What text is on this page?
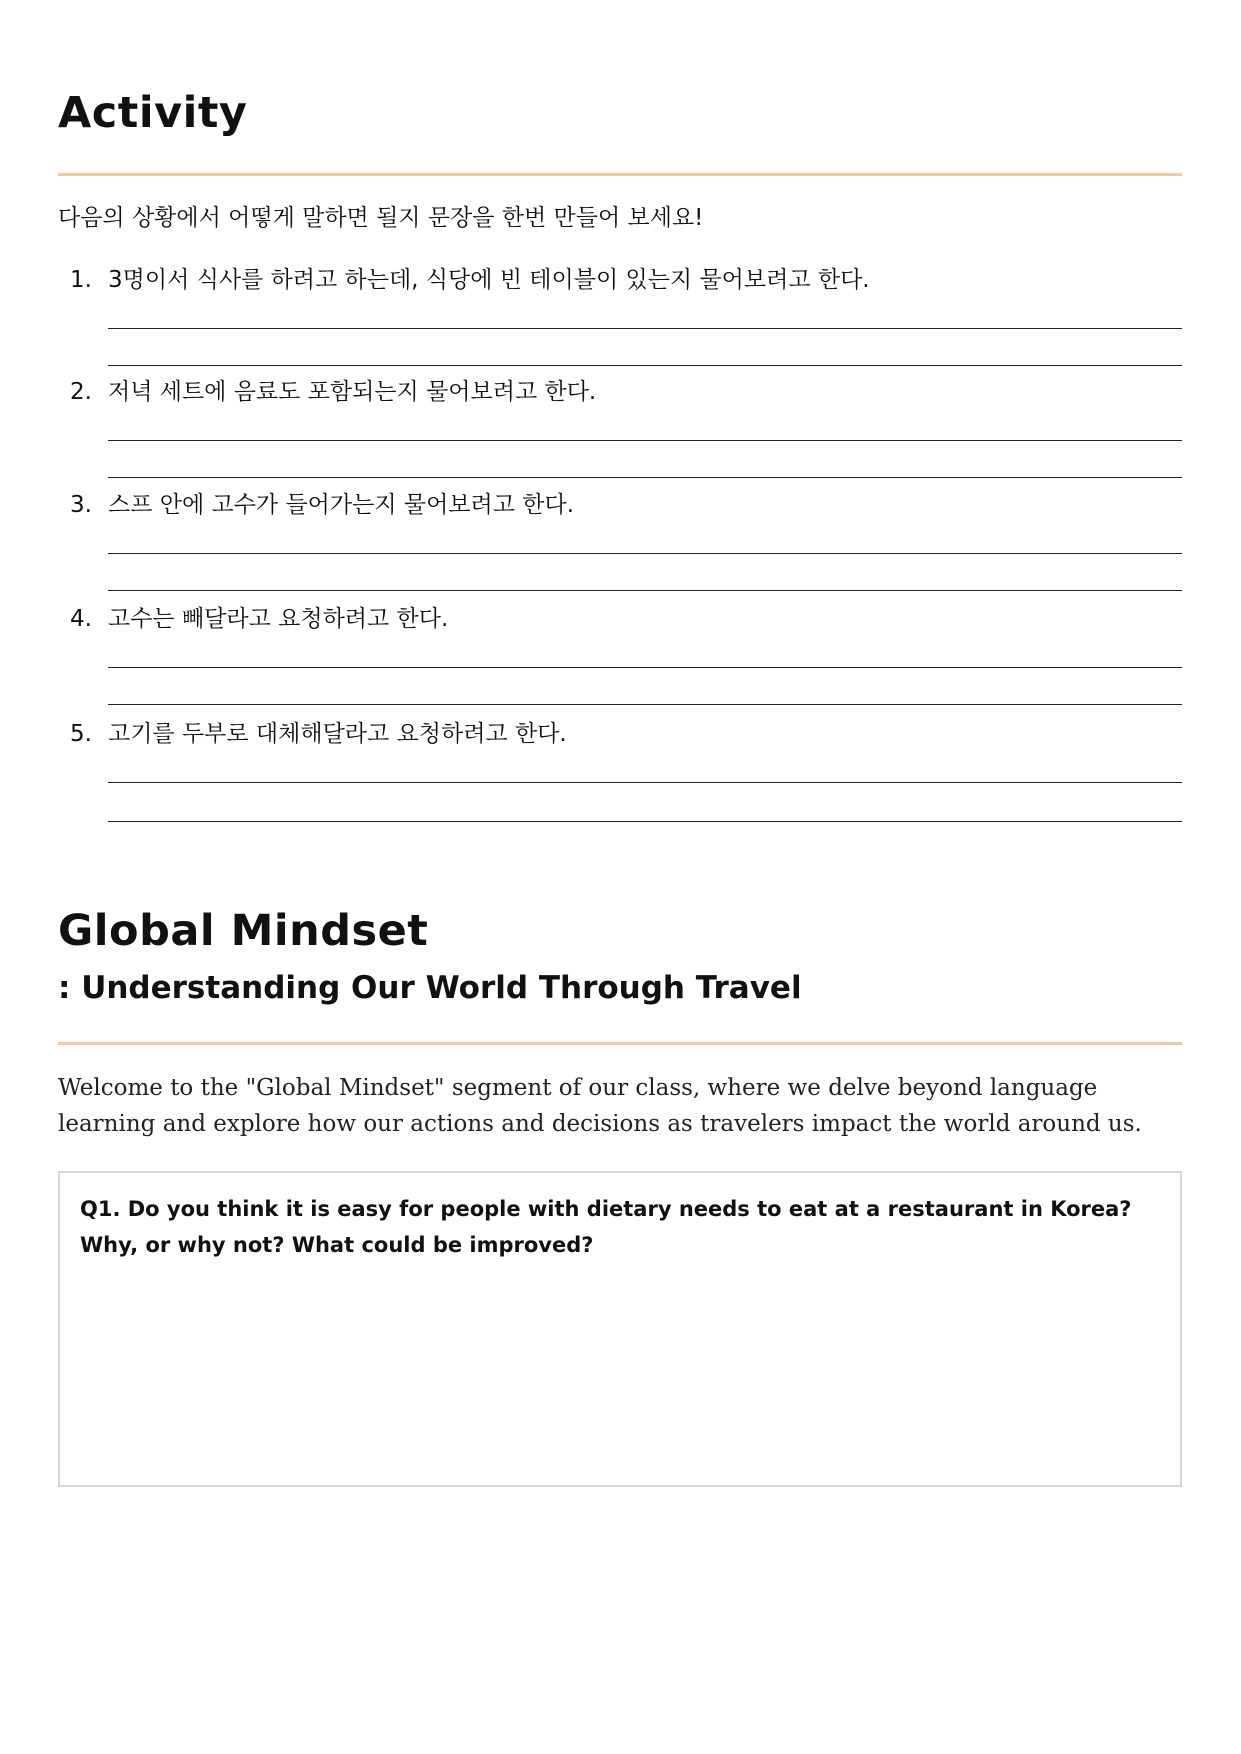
Activity
다음의 상황에서 어떻게 말하면 될지 문장을 한번 만들어 보세요!
1. 3명이서 식사를 하려고 하는데, 식당에 빈 테이블이 있는지 물어보려고 한다.
2. 저녁 세트에 음료도 포함되는지 물어보려고 한다.
3. 스프 안에 고수가 들어가는지 물어보려고 한다.
4. 고수는 빼달라고 요청하려고 한다.
5. 고기를 두부로 대체해달라고 요청하려고 한다.
Global Mindset
: Understanding Our World Through Travel

Welcome to the "Global Mindset" segment of our class, where we delve beyond language learning and explore how our actions and decisions as travelers impact the world around us.

Q1. Do you think it is easy for people with dietary needs to eat at a restaurant in Korea? Why, or why not? What could be improved?
